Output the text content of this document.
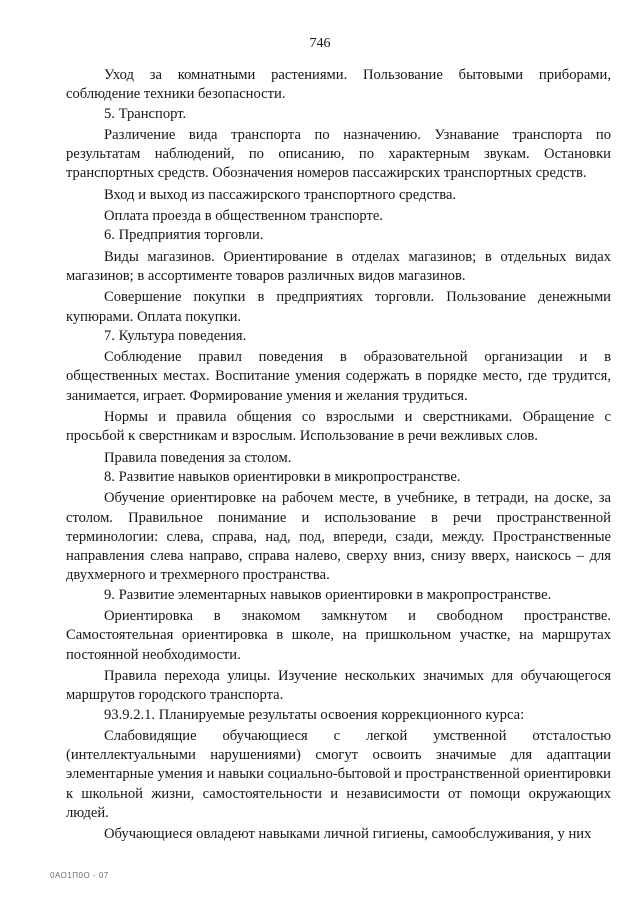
746

Уход за комнатными растениями. Пользование бытовыми приборами, соблюдение техники безопасности.

5. Транспорт.

Различение вида транспорта по назначению. Узнавание транспорта по результатам наблюдений, по описанию, по характерным звукам. Остановки транспортных средств. Обозначения номеров пассажирских транспортных средств.

Вход и выход из пассажирского транспортного средства.

Оплата проезда в общественном транспорте.

6. Предприятия торговли.

Виды магазинов. Ориентирование в отделах магазинов; в отдельных видах магазинов; в ассортименте товаров различных видов магазинов.

Совершение покупки в предприятиях торговли. Пользование денежными купюрами. Оплата покупки.

7. Культура поведения.

Соблюдение правил поведения в образовательной организации и в общественных местах. Воспитание умения содержать в порядке место, где трудится, занимается, играет. Формирование умения и желания трудиться.

Нормы и правила общения со взрослыми и сверстниками. Обращение с просьбой к сверстникам и взрослым. Использование в речи вежливых слов.

Правила поведения за столом.

8. Развитие навыков ориентировки в микропространстве.

Обучение ориентировке на рабочем месте, в учебнике, в тетради, на доске, за столом. Правильное понимание и использование в речи пространственной терминологии: слева, справа, над, под, впереди, сзади, между. Пространственные направления слева направо, справа налево, сверху вниз, снизу вверх, наискось – для двухмерного и трехмерного пространства.

9. Развитие элементарных навыков ориентировки в макропространстве.

Ориентировка в знакомом замкнутом и свободном пространстве. Самостоятельная ориентировка в школе, на пришкольном участке, на маршрутах постоянной необходимости.

Правила перехода улицы. Изучение нескольких значимых для обучающегося маршрутов городского транспорта.

93.9.2.1. Планируемые результаты освоения коррекционного курса:

Слабовидящие обучающиеся с легкой умственной отсталостью (интеллектуальными нарушениями) смогут освоить значимые для адаптации элементарные умения и навыки социально-бытовой и пространственной ориентировки к школьной жизни, самостоятельности и независимости от помощи окружающих людей.

Обучающиеся овладеют навыками личной гигиены, самообслуживания, у них

0АО1П0О - 07
